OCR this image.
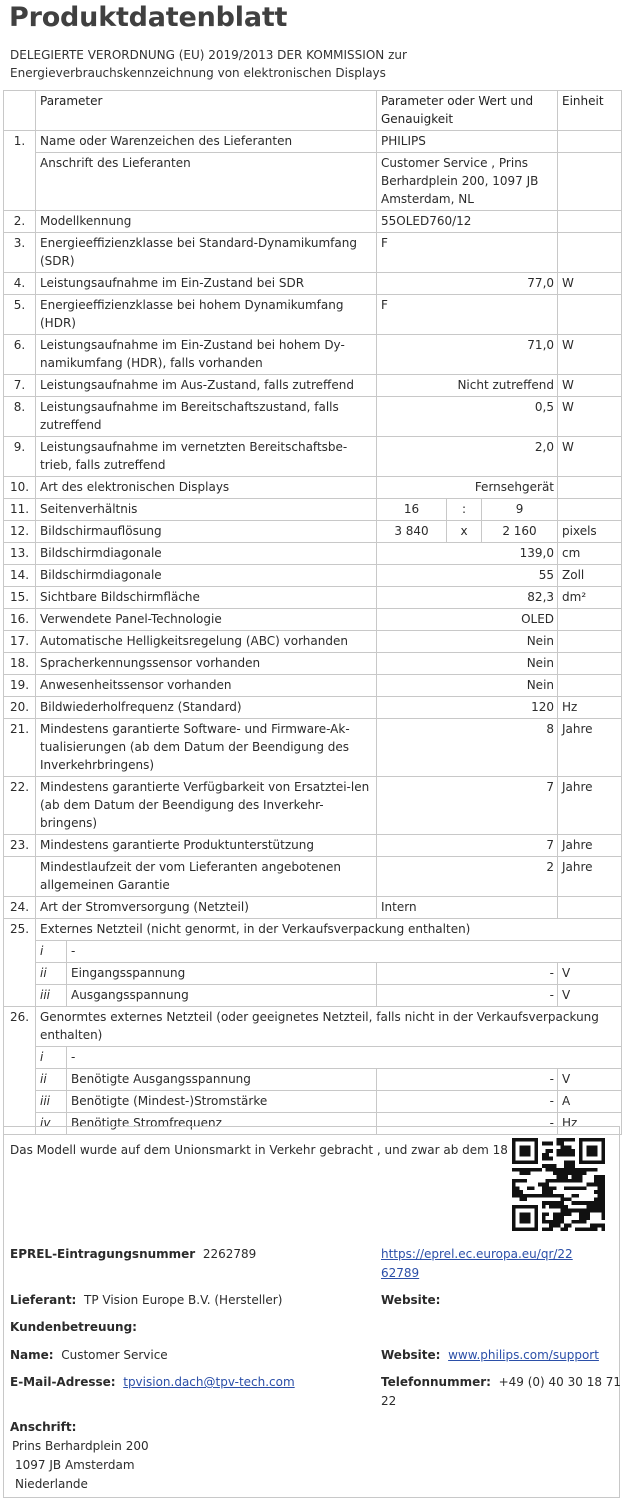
Produktdatenblatt
DELEGIERTE VERORDNUNG (EU) 2019/2013 DER KOMMISSION zur
Energieverbrauchskennzeichnung von elektronischen Displays
	Parameter		Parameter oder Wert und Genauigkeit			Einheit
1.	Name oder Warenzeichen des Lieferanten		PHILIPS			
	Anschrift des Lieferanten		Customer Service , Prins Berhardplein 200, 1097 JB Amsterdam, NL			
2.	Modellkennung		55OLED760/12			
3.	Energieeffizienzklasse bei Standard-Dynamikumfang (SDR)		F			
4.	Leistungsaufnahme im Ein-Zustand bei SDR		77,0			W
5.	Energieeffizienzklasse bei hohem Dynamikumfang (HDR)		F			
6.	Leistungsaufnahme im Ein-Zustand bei hohem Dy-namikumfang (HDR), falls vorhanden		71,0			W
7.	Leistungsaufnahme im Aus-Zustand, falls zutreffend		Nicht zutreffend			W
8.	Leistungsaufnahme im Bereitschaftszustand, falls zutreffend		0,5			W
9.	Leistungsaufnahme im vernetzten Bereitschaftsbe-trieb, falls zutreffend		2,0			W
10.	Art des elektronischen Displays		Fernsehgerät			
11.	Seitenverhältnis		16	:	9	
12.	Bildschirmauflösung		3 840	x	2 160	pixels
13.	Bildschirmdiagonale		139,0			cm
14.	Bildschirmdiagonale		55			Zoll
15.	Sichtbare Bildschirmfläche		82,3			dm²
16.	Verwendete Panel-Technologie		OLED			
17.	Automatische Helligkeitsregelung (ABC) vorhanden		Nein			
18.	Spracherkennungssensor vorhanden		Nein			
19.	Anwesenheitssensor vorhanden		Nein			
20.	Bildwiederholfrequenz (Standard)		120			Hz
21.	Mindestens garantierte Software- und Firmware-Ak-tualisierungen (ab dem Datum der Beendigung des Inverkehrbringens)		8			Jahre
22.	Mindestens garantierte Verfügbarkeit von Ersatztei-len (ab dem Datum der Beendigung des Inverkehr-bringens)		7			Jahre
23.	Mindestens garantierte Produktunterstützung		7			Jahre
	Mindestlaufzeit der vom Lieferanten angebotenen allgemeinen Garantie		2			Jahre
24.	Art der Stromversorgung (Netzteil)		Intern			
25.	Externes Netzteil (nicht genormt, in der Verkaufsverpackung enthalten)					
	i	-				
	ii	Eingangsspannung	-			V
	iii	Ausgangsspannung	-			V
26.	Genormtes externes Netzteil (oder geeignetes Netzteil, falls nicht in der Verkaufsverpackung enthalten)					
	i	-				
	ii	Benötigte Ausgangsspannung	-			V
	iii	Benötigte (Mindest-)Stromstärke	-			A
	iv	Benötigte Stromfrequenz	-			Hz
Das Modell wurde auf dem Unionsmarkt in Verkehr gebracht , und zwar ab dem 18
EPREL-Eintragungsnummer 2262789	https://eprel.ec.europa.eu/qr/22
62789
Lieferant: TP Vision Europe B.V. (Hersteller)	Website:
Kundenbetreuung:
Name: Customer Service	Website: www.philips.com/support
E-Mail-Adresse: tpvision.dach@tpv-tech.com	Telefonnummer: +49 (0) 40 30 18 71
22
Anschrift:
Prins Berhardplein 200
1097 JB Amsterdam
Niederlande
